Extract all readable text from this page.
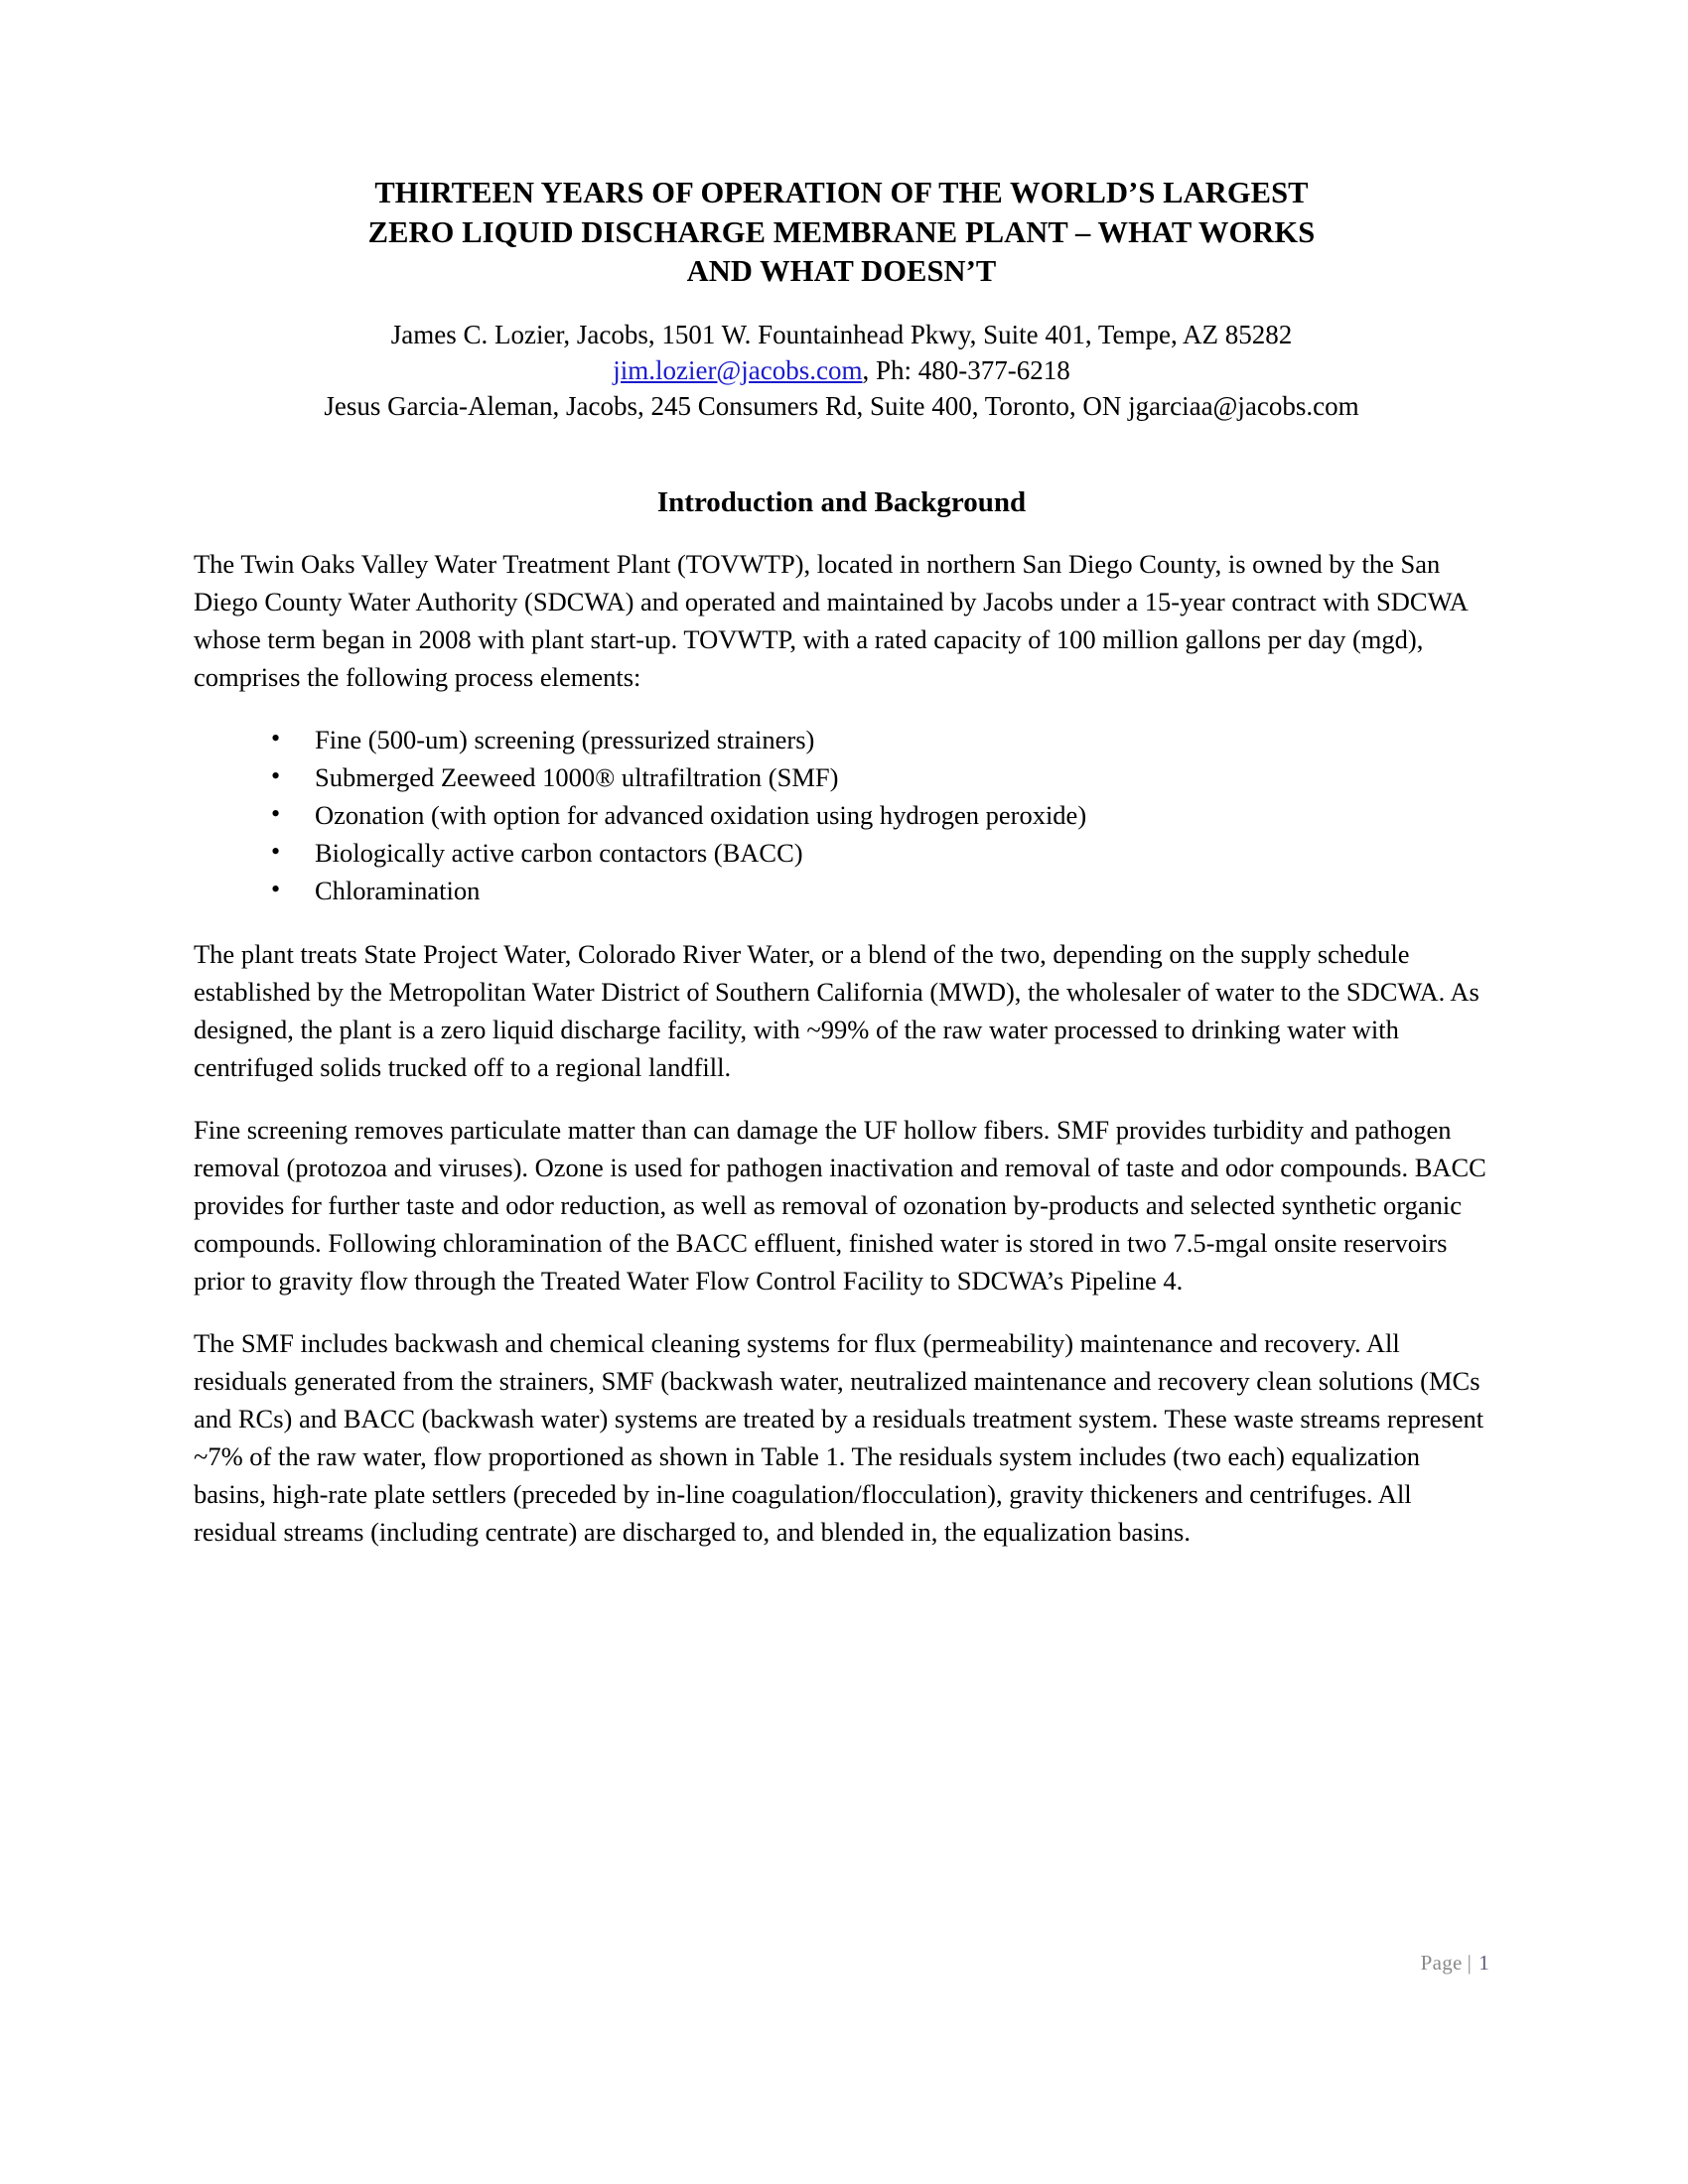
THIRTEEN YEARS OF OPERATION OF THE WORLD’S LARGEST
ZERO LIQUID DISCHARGE MEMBRANE PLANT – WHAT WORKS
AND WHAT DOESN’T
James C. Lozier, Jacobs, 1501 W. Fountainhead Pkwy, Suite 401, Tempe, AZ 85282
jim.lozier@jacobs.com, Ph: 480-377-6218
Jesus Garcia-Aleman, Jacobs, 245 Consumers Rd, Suite 400, Toronto, ON jgarciaa@jacobs.com
Introduction and Background

The Twin Oaks Valley Water Treatment Plant (TOVWTP), located in northern San Diego County, is owned by the San Diego County Water Authority (SDCWA) and operated and maintained by Jacobs under a 15-year contract with SDCWA whose term began in 2008 with plant start-up. TOVWTP, with a rated capacity of 100 million gallons per day (mgd), comprises the following process elements:

• Fine (500-um) screening (pressurized strainers)
• Submerged Zeeweed 1000® ultrafiltration (SMF)
• Ozonation (with option for advanced oxidation using hydrogen peroxide)
• Biologically active carbon contactors (BACC)
• Chloramination

The plant treats State Project Water, Colorado River Water, or a blend of the two, depending on the supply schedule established by the Metropolitan Water District of Southern California (MWD), the wholesaler of water to the SDCWA. As designed, the plant is a zero liquid discharge facility, with ~99% of the raw water processed to drinking water with centrifuged solids trucked off to a regional landfill.

Fine screening removes particulate matter than can damage the UF hollow fibers. SMF provides turbidity and pathogen removal (protozoa and viruses). Ozone is used for pathogen inactivation and removal of taste and odor compounds. BACC provides for further taste and odor reduction, as well as removal of ozonation by-products and selected synthetic organic compounds. Following chloramination of the BACC effluent, finished water is stored in two 7.5-mgal onsite reservoirs prior to gravity flow through the Treated Water Flow Control Facility to SDCWA’s Pipeline 4.

The SMF includes backwash and chemical cleaning systems for flux (permeability) maintenance and recovery. All residuals generated from the strainers, SMF (backwash water, neutralized maintenance and recovery clean solutions (MCs and RCs) and BACC (backwash water) systems are treated by a residuals treatment system. These waste streams represent ~7% of the raw water, flow proportioned as shown in Table 1. The residuals system includes (two each) equalization basins, high-rate plate settlers (preceded by in-line coagulation/flocculation), gravity thickeners and centrifuges. All residual streams (including centrate) are discharged to, and blended in, the equalization basins.

Page | 1
